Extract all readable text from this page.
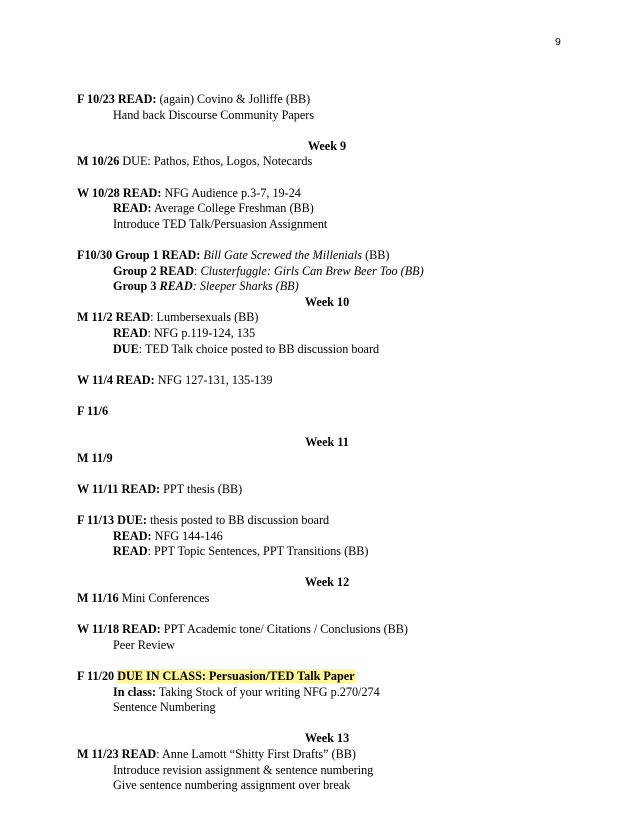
9
F 10/23 READ: (again) Covino & Jolliffe (BB)
Hand back Discourse Community Papers
Week 9
M 10/26 DUE: Pathos, Ethos, Logos, Notecards
W 10/28 READ: NFG Audience p.3-7, 19-24
READ: Average College Freshman (BB)
Introduce TED Talk/Persuasion Assignment
F10/30 Group 1 READ: Bill Gate Screwed the Millenials (BB)
Group 2 READ: Clusterfuggle: Girls Can Brew Beer Too (BB)
Group 3 READ: Sleeper Sharks (BB)
Week 10
M 11/2 READ: Lumbersexuals (BB)
READ: NFG p.119-124, 135
DUE: TED Talk choice posted to BB discussion board
W 11/4 READ: NFG 127-131, 135-139
F 11/6
Week 11
M 11/9
W 11/11 READ: PPT thesis (BB)
F 11/13 DUE: thesis posted to BB discussion board
READ: NFG 144-146
READ: PPT Topic Sentences, PPT Transitions (BB)
Week 12
M 11/16 Mini Conferences
W 11/18 READ: PPT Academic tone/ Citations / Conclusions (BB)
Peer Review
F 11/20 DUE IN CLASS: Persuasion/TED Talk Paper
In class: Taking Stock of your writing NFG p.270/274
Sentence Numbering
Week 13
M 11/23 READ: Anne Lamott “Shitty First Drafts” (BB)
Introduce revision assignment & sentence numbering
Give sentence numbering assignment over break
